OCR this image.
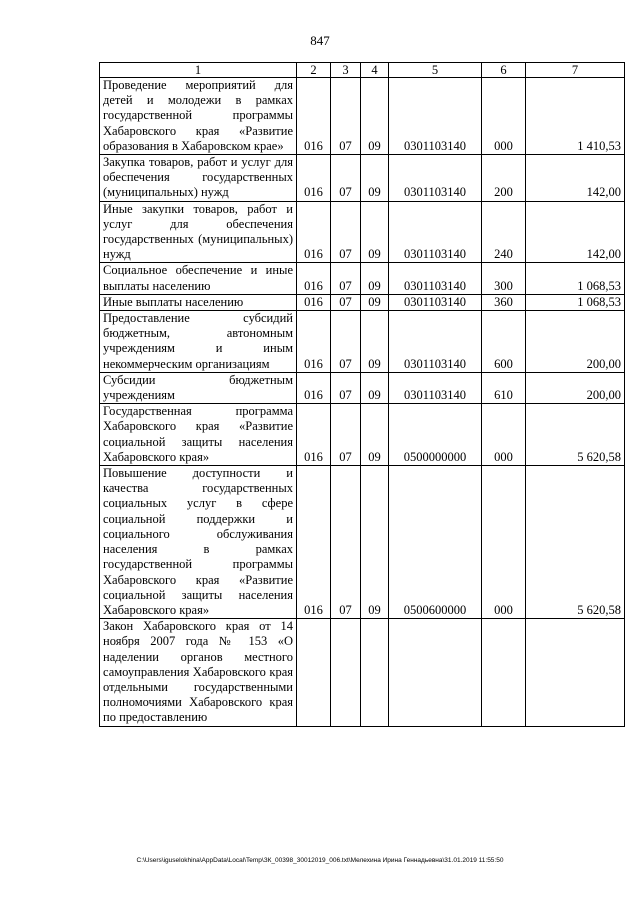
847
1	2	3	4	5	6	7
Проведение мероприятий для детей и молодежи в рамках государственной программы Хабаровского края «Развитие образования в Хабаровском крае»	016	07	09	0301103140	000	1 410,53
Закупка товаров, работ и услуг для обеспечения государственных (муниципальных) нужд	016	07	09	0301103140	200	142,00
Иные закупки товаров, работ и услуг для обеспечения государственных (муниципальных) нужд	016	07	09	0301103140	240	142,00
Социальное обеспечение и иные выплаты населению	016	07	09	0301103140	300	1 068,53
Иные выплаты населению	016	07	09	0301103140	360	1 068,53
Предоставление субсидий бюджетным, автономным учреждениям и иным некоммерческим организациям	016	07	09	0301103140	600	200,00
Субсидии бюджетным учреждениям	016	07	09	0301103140	610	200,00
Государственная программа Хабаровского края «Развитие социальной защиты населения Хабаровского края»	016	07	09	0500000000	000	5 620,58
Повышение доступности и качества государственных социальных услуг в сфере социальной поддержки и социального обслуживания населения в рамках государственной программы Хабаровского края «Развитие социальной защиты населения Хабаровского края»	016	07	09	0500600000	000	5 620,58
Закон Хабаровского края от 14 ноября 2007 года № 153 «О наделении органов местного самоуправления Хабаровского края отдельными государственными полномочиями Хабаровского края по предоставлению						
C:\Users\iguselokhina\AppData\Local\Temp\ЗК_00398_30012019_006.txt\Мелехина Ирина Геннадьевна\31.01.2019 11:55:50
